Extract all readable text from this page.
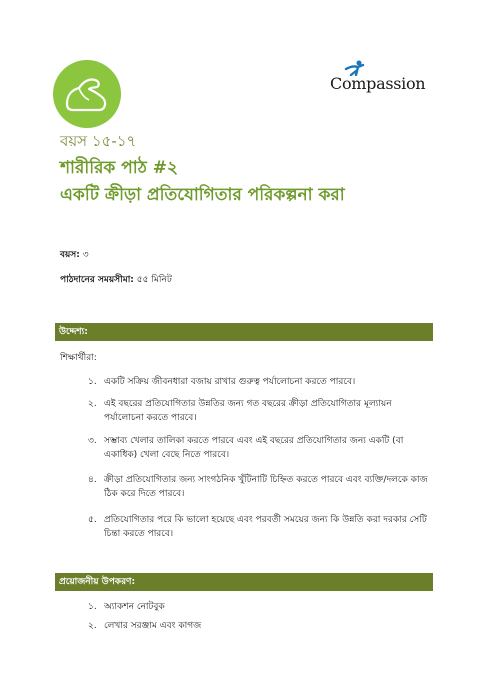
Compassion
বয়স ১৫-১৭
শারীরিক পাঠ #২
একটি ক্রীড়া প্রতিযোগিতার পরিকল্পনা করা
বয়স: ৩
পাঠদানের সময়সীমা: ৫৫ মিনিট
উদ্দেশ্য:
শিক্ষার্থীরা:
১. একটি সক্রিয় জীবনধারা বজায় রাখার গুরুত্ব পর্যালোচনা করতে পারবে।
২. এই বছরের প্রতিযোগিতার উন্নতির জন্য গত বছরের ক্রীড়া প্রতিযোগিতার মূল্যায়ন পর্যালোচনা করতে পারবে।
৩. সম্ভাব্য খেলার তালিকা করতে পারবে এবং এই বছরের প্রতিযোগিতার জন্য একটি (বা একাধিক) খেলা বেছে নিতে পারবে।
৪. ক্রীড়া প্রতিযোগিতার জন্য সাংগঠনিক খুঁটিনাটি চিহ্নিত করতে পারবে এবং ব্যক্তি/দলকে কাজ ঠিক করে দিতে পারবে।
৫. প্রতিযোগিতার পরে কি ভালো হয়েছে এবং পরবর্তী সময়ের জন্য কি উন্নতি করা দরকার সেটি চিন্তা করতে পারবে।
প্রয়োজনীয় উপকরণ:
১. অ্যাকশন নোটবুক
২. লেখার সরঞ্জাম এবং কাগজ
